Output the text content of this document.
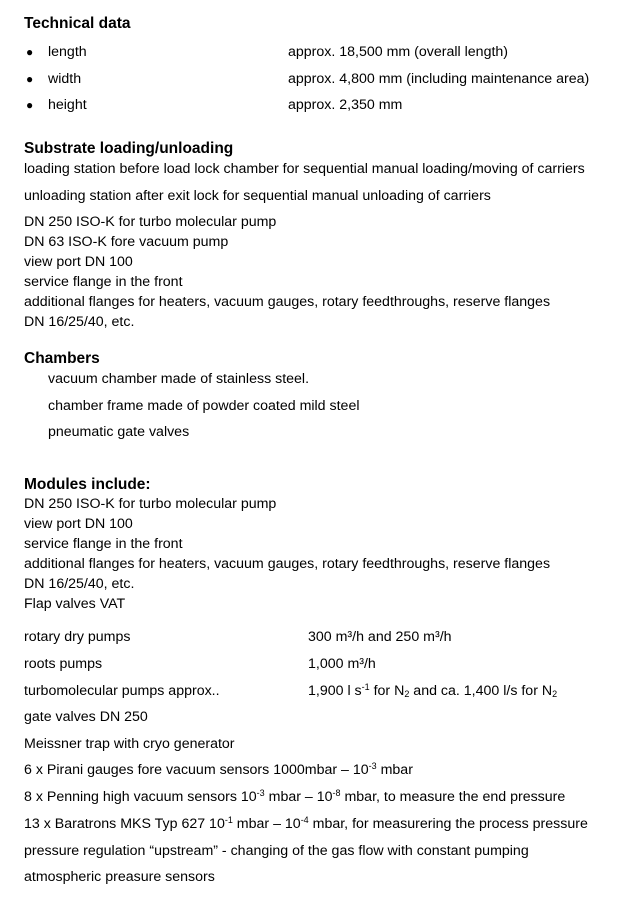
Technical data
● length	approx. 18,500 mm (overall length)
● width	approx. 4,800 mm (including maintenance area)
● height	approx. 2,350 mm
Substrate loading/unloading
loading station before load lock chamber for sequential manual loading/moving of carriers
unloading station after exit lock for sequential manual unloading of carriers
DN 250 ISO-K for turbo molecular pump
DN 63 ISO-K fore vacuum pump
view port DN 100
service flange in the front
additional flanges for heaters, vacuum gauges, rotary feedthroughs, reserve flanges
DN 16/25/40, etc.
Chambers
vacuum chamber made of stainless steel.
chamber frame made of powder coated mild steel
pneumatic gate valves
Modules include:
DN 250 ISO-K for turbo molecular pump
view port DN 100
service flange in the front
additional flanges for heaters, vacuum gauges, rotary feedthroughs, reserve flanges
DN 16/25/40, etc.
Flap valves VAT
rotary dry pumps	300 m³/h and 250 m³/h
roots pumps	1,000 m³/h
turbomolecular pumps approx..	1,900 l $s^{-1}$ for $N_2$ and ca. 1,400 l/s for $N_2$
gate valves DN 250
Meissner trap with cryo generator
6 x Pirani gauges fore vacuum sensors 1000mbar – $10^{-3}$ mbar
8 x Penning high vacuum sensors $10^{-3}$ mbar – $10^{-8}$ mbar, to measure the end pressure
13 x Baratrons MKS Typ 627 $10^{-1}$ mbar – $10^{-4}$ mbar, for measurering the process pressure
pressure regulation “upstream” - changing of the gas flow with constant pumping
atmospheric preasure sensors
